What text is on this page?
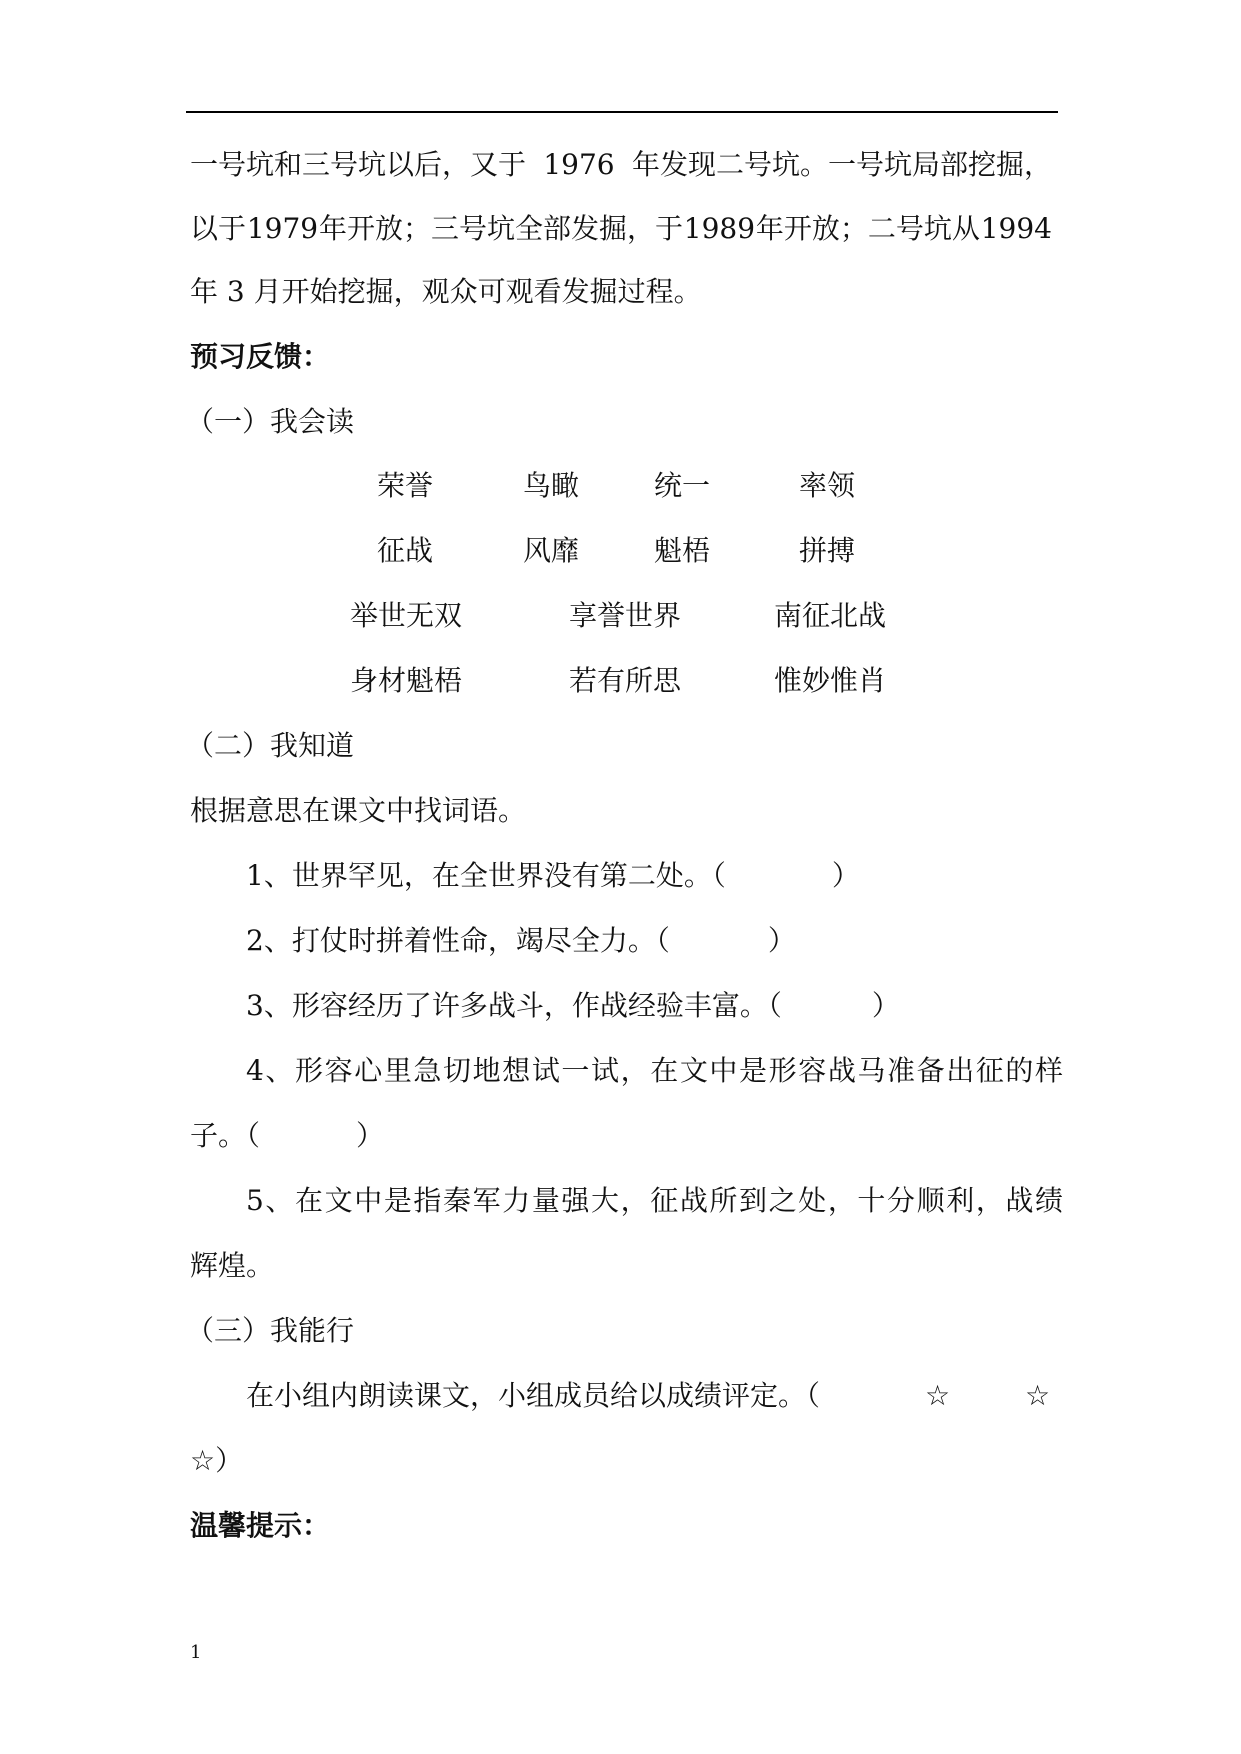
一号坑和三号坑以后，又于 1976 年发现二号坑。一号坑局部挖掘，
以于 1979 年开放；三号坑全部发掘，于 1989 年开放；二号坑从 1994

年 3 月开始挖掘，观众可观看发掘过程。

预习反馈：

（一）我会读

荣誉	鸟瞰	统一	率领
征战	风靡	魁梧	拼搏
举世无双	享誉世界	南征北战
身材魁梧	若有所思	惟妙惟肖

（二）我知道

根据意思在课文中找词语。

1、世界罕见，在全世界没有第二处。（	）

2、打仗时拼着性命，竭尽全力。（	）

3、形容经历了许多战斗，作战经验丰富。（	）

4、形容心里急切地想试一试，在文中是形容战马准备出征的样

子。（	）

5、在文中是指秦军力量强大，征战所到之处，十分顺利，战绩

辉煌。

（三）我能行

在小组内朗读课文，小组成员给以成绩评定。（	☆	☆

☆）

温馨提示：

1
